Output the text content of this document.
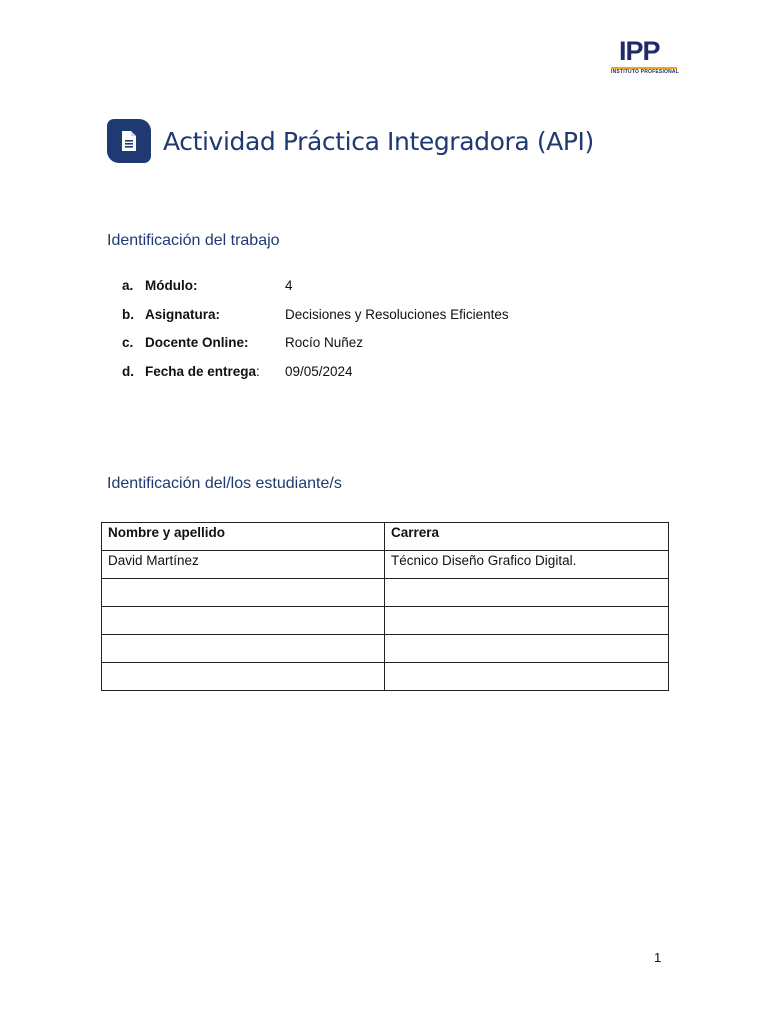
IPP
INSTITUTO PROFESIONAL
Actividad Práctica Integradora (API)
Identificación del trabajo
a. Módulo:	4
b. Asignatura:	Decisiones y Resoluciones Eficientes
c. Docente Online:	Rocío Nuñez
d. Fecha de entrega:	09/05/2024
Identificación del/los estudiante/s
Nombre y apellido	Carrera
David Martínez	Técnico Diseño Grafico Digital.

1
